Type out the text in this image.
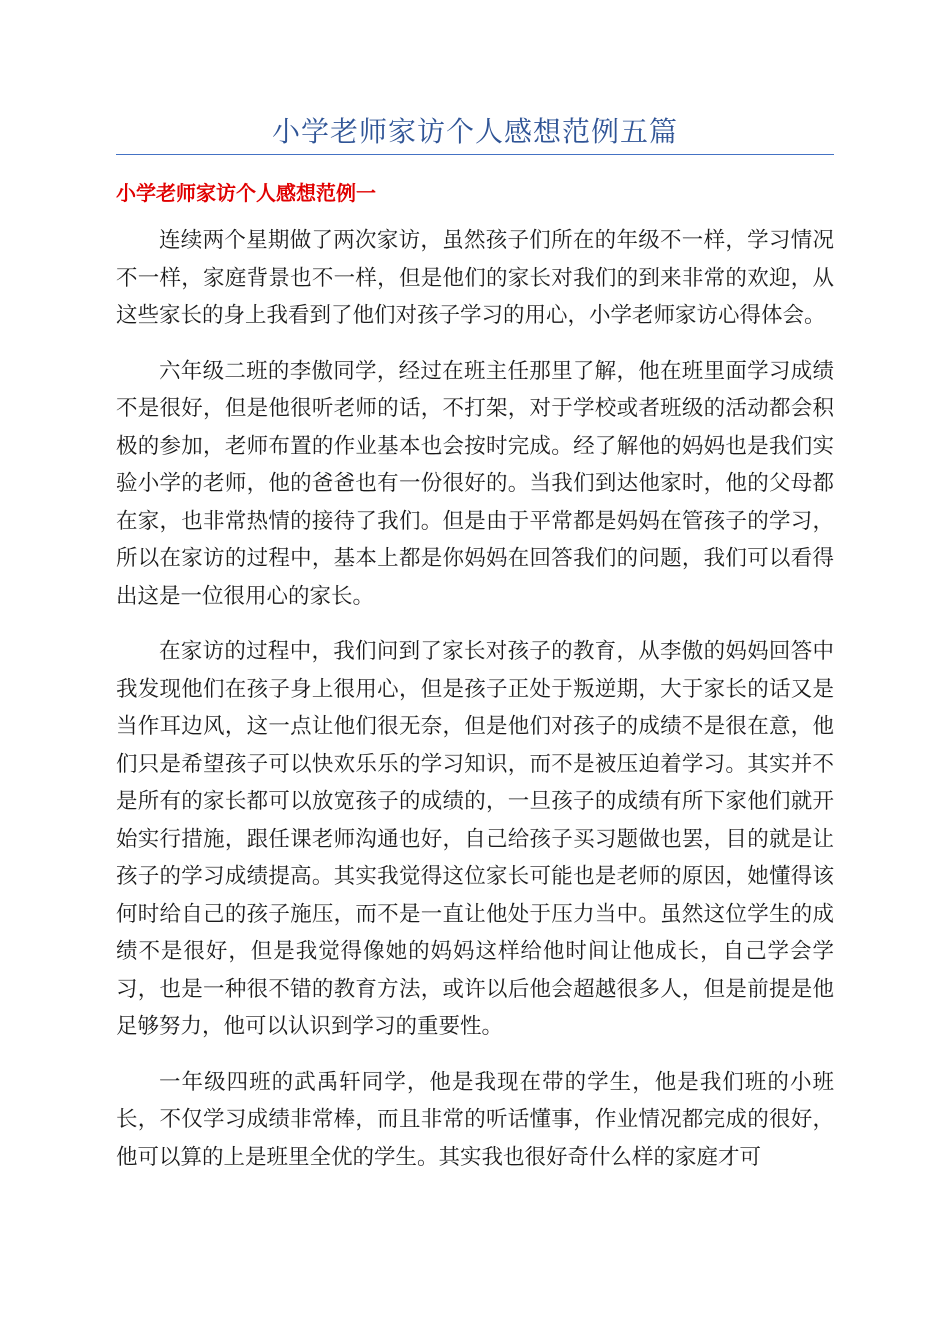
小学老师家访个人感想范例五篇
小学老师家访个人感想范例一

连续两个星期做了两次家访，虽然孩子们所在的年级不一样，学习情况不一样，家庭背景也不一样，但是他们的家长对我们的到来非常的欢迎，从这些家长的身上我看到了他们对孩子学习的用心，小学老师家访心得体会。

六年级二班的李傲同学，经过在班主任那里了解，他在班里面学习成绩不是很好，但是他很听老师的话，不打架，对于学校或者班级的活动都会积极的参加，老师布置的作业基本也会按时完成。经了解他的妈妈也是我们实验小学的老师，他的爸爸也有一份很好的。当我们到达他家时，他的父母都在家，也非常热情的接待了我们。但是由于平常都是妈妈在管孩子的学习，所以在家访的过程中，基本上都是你妈妈在回答我们的问题，我们可以看得出这是一位很用心的家长。

在家访的过程中，我们问到了家长对孩子的教育，从李傲的妈妈回答中我发现他们在孩子身上很用心，但是孩子正处于叛逆期，大于家长的话又是当作耳边风，这一点让他们很无奈，但是他们对孩子的成绩不是很在意，他们只是希望孩子可以快欢乐乐的学习知识，而不是被压迫着学习。其实并不是所有的家长都可以放宽孩子的成绩的，一旦孩子的成绩有所下家他们就开始实行措施，跟任课老师沟通也好，自己给孩子买习题做也罢，目的就是让孩子的学习成绩提高。其实我觉得这位家长可能也是老师的原因，她懂得该何时给自己的孩子施压，而不是一直让他处于压力当中。虽然这位学生的成绩不是很好，但是我觉得像她的妈妈这样给他时间让他成长，自己学会学习，也是一种很不错的教育方法，或许以后他会超越很多人，但是前提是他足够努力，他可以认识到学习的重要性。

一年级四班的武禹轩同学，他是我现在带的学生，他是我们班的小班长，不仅学习成绩非常棒，而且非常的听话懂事，作业情况都完成的很好，他可以算的上是班里全优的学生。其实我也很好奇什么样的家庭才可
